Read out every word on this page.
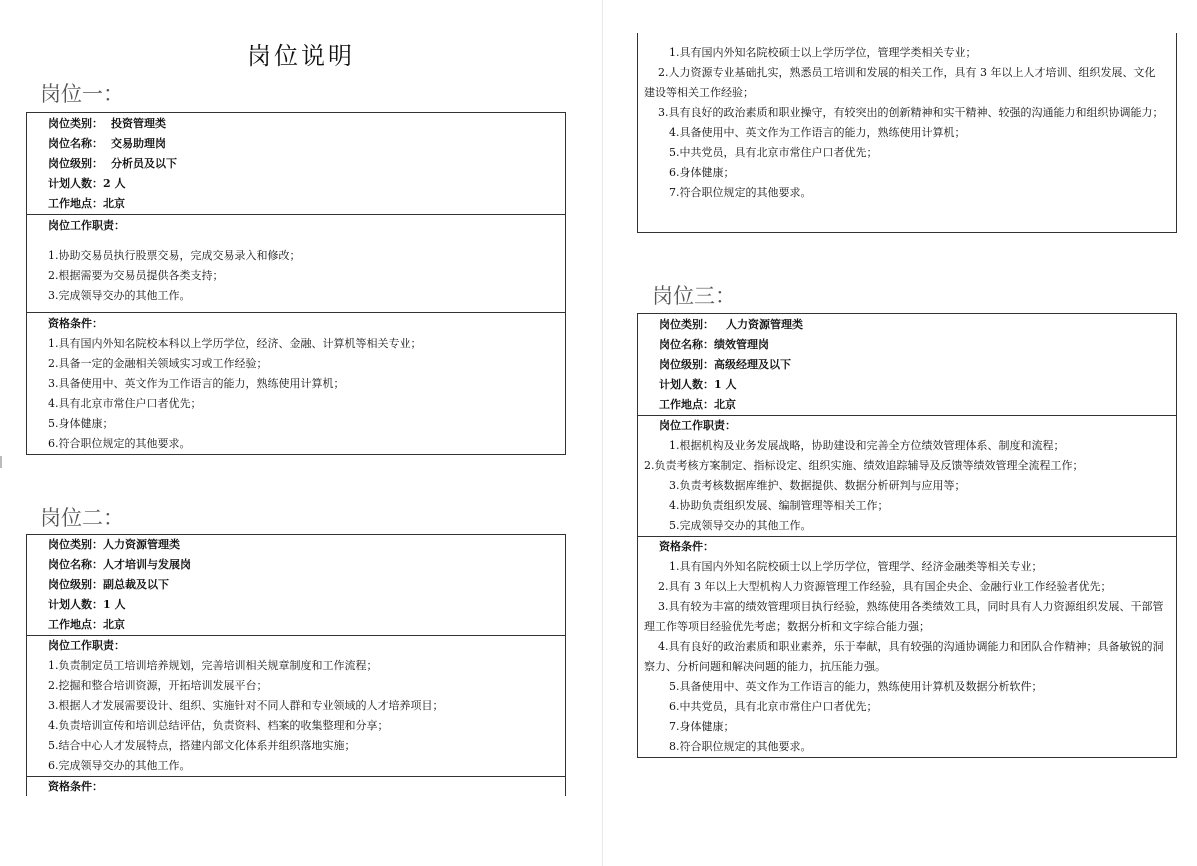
岗位说明
岗位一：
岗位类别： 投资管理类
岗位名称： 交易助理岗
岗位级别： 分析员及以下
计划人数：2 人
工作地点：北京
岗位工作职责：
1.协助交易员执行股票交易，完成交易录入和修改；
2.根据需要为交易员提供各类支持；
3.完成领导交办的其他工作。
资格条件：
1.具有国内外知名院校本科以上学历学位，经济、金融、计算机等相关专业；
2.具备一定的金融相关领域实习或工作经验；
3.具备使用中、英文作为工作语言的能力，熟练使用计算机；
4.具有北京市常住户口者优先；
5.身体健康；
6.符合职位规定的其他要求。
岗位二：
岗位类别：人力资源管理类
岗位名称：人才培训与发展岗
岗位级别：副总裁及以下
计划人数：1 人
工作地点：北京
岗位工作职责：
1.负责制定员工培训培养规划，完善培训相关规章制度和工作流程；
2.挖掘和整合培训资源，开拓培训发展平台；
3.根据人才发展需要设计、组织、实施针对不同人群和专业领域的人才培养项目；
4.负责培训宣传和培训总结评估，负责资料、档案的收集整理和分享；
5.结合中心人才发展特点，搭建内部文化体系并组织落地实施；
6.完成领导交办的其他工作。
资格条件：
1.具有国内外知名院校硕士以上学历学位，管理学类相关专业；
2.人力资源专业基础扎实，熟悉员工培训和发展的相关工作，具有 3 年以上人才培训、组织发展、文化建设等相关工作经验；
3.具有良好的政治素质和职业操守，有较突出的创新精神和实干精神、较强的沟通能力和组织协调能力；
4.具备使用中、英文作为工作语言的能力，熟练使用计算机；
5.中共党员，具有北京市常住户口者优先；
6.身体健康；
7.符合职位规定的其他要求。
岗位三：
岗位类别： 人力资源管理类
岗位名称：绩效管理岗
岗位级别：高级经理及以下
计划人数：1 人
工作地点：北京
岗位工作职责：
1.根据机构及业务发展战略，协助建设和完善全方位绩效管理体系、制度和流程；
2.负责考核方案制定、指标设定、组织实施、绩效追踪辅导及反馈等绩效管理全流程工作；
3.负责考核数据库维护、数据提供、数据分析研判与应用等；
4.协助负责组织发展、编制管理等相关工作；
5.完成领导交办的其他工作。
资格条件：
1.具有国内外知名院校硕士以上学历学位，管理学、经济金融类等相关专业；
2.具有 3 年以上大型机构人力资源管理工作经验，具有国企央企、金融行业工作经验者优先；
3.具有较为丰富的绩效管理项目执行经验，熟练使用各类绩效工具，同时具有人力资源组织发展、干部管理工作等项目经验优先考虑；数据分析和文字综合能力强；
4.具有良好的政治素质和职业素养，乐于奉献，具有较强的沟通协调能力和团队合作精神；具备敏锐的洞察力、分析问题和解决问题的能力，抗压能力强。
5.具备使用中、英文作为工作语言的能力，熟练使用计算机及数据分析软件；
6.中共党员，具有北京市常住户口者优先；
7.身体健康；
8.符合职位规定的其他要求。
